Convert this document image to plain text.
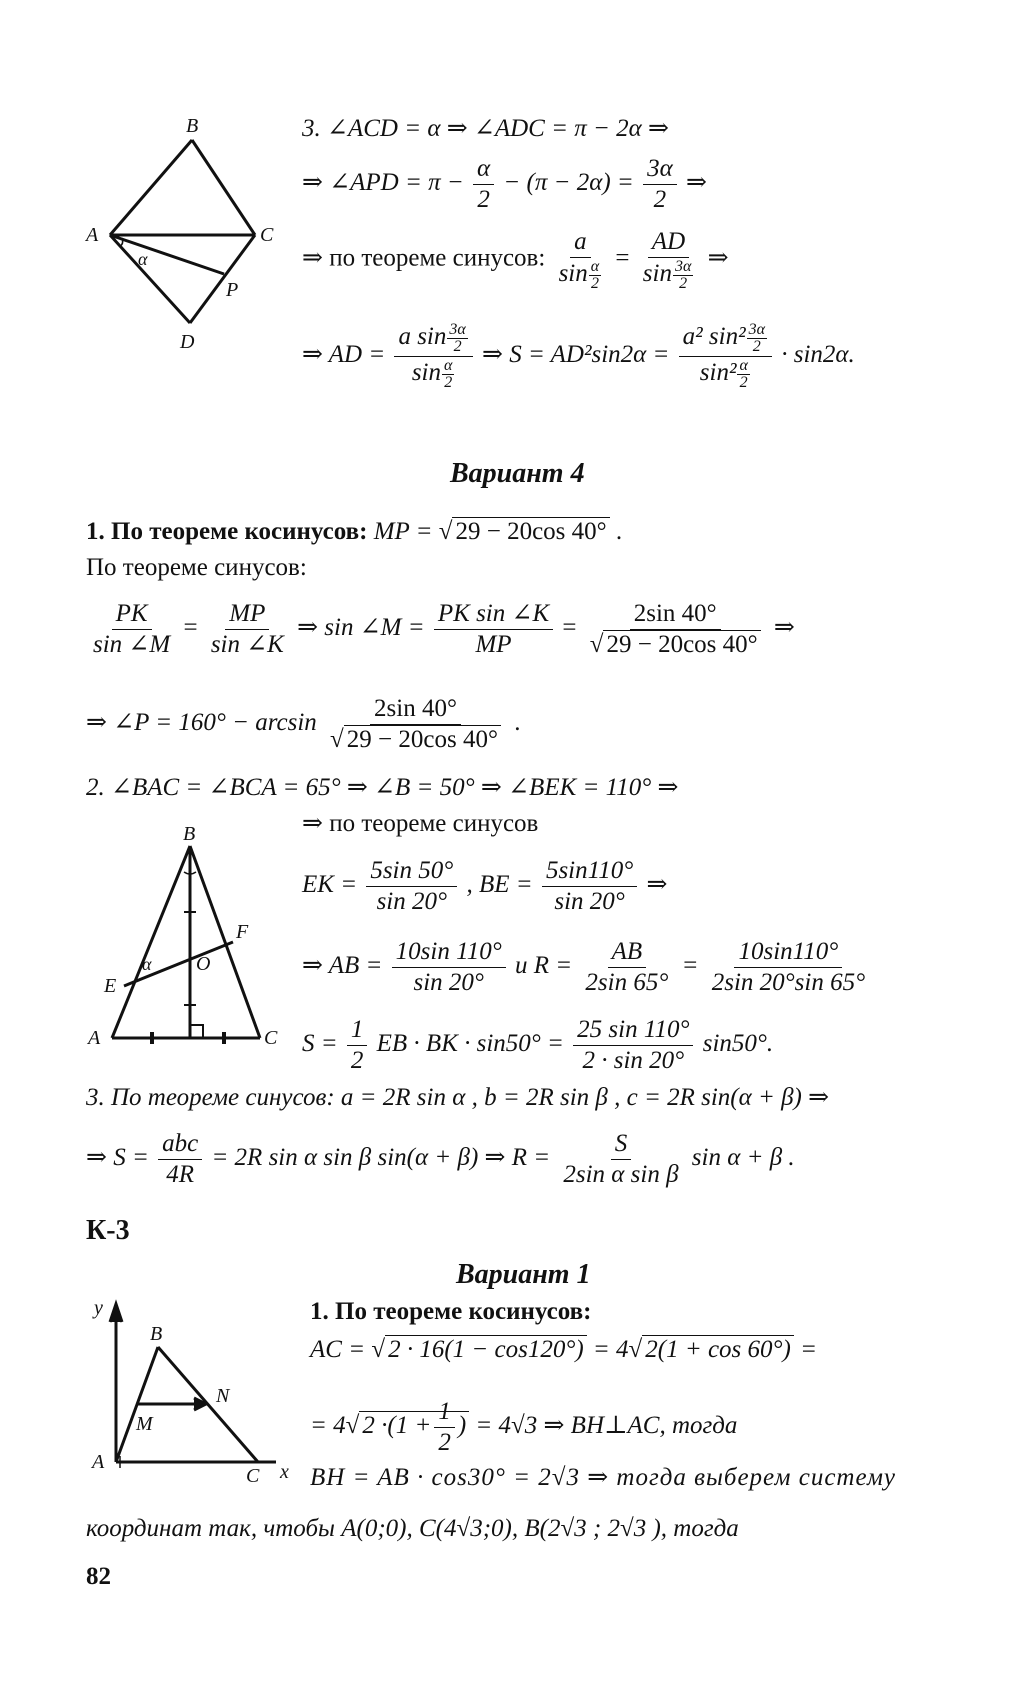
B
A	C
P
D
α
3. ∠ACD = α ⇒ ∠ADC = π − 2α ⇒
⇒ ∠APD = $\pi - \frac{\alpha}{2} - (\pi - 2\alpha) = \frac{3\alpha}{2}$ ⇒
⇒ по теореме синусов: $\frac{a}{\sin \frac{\alpha}{2}} = \frac{AD}{\sin \frac{3\alpha}{2}}$ ⇒
⇒ AD = $\frac{a \sin \frac{3\alpha}{2}}{\sin \frac{\alpha}{2}}$ ⇒ $S = AD^2\sin 2\alpha = \frac{a^2 \sin^2 \frac{3\alpha}{2}}{\sin^2 \frac{\alpha}{2}} \cdot \sin 2\alpha$.
Вариант 4
1. По теореме косинусов: MP = √ 29 − 20cos 40° .
По теореме синусов:
$\frac{PK}{\sin \angle M} = \frac{MP}{\sin \angle K}$ ⇒ sin ∠M = $\frac{\text{PK sin ∠K}}{MP} = \frac{2\sin 40^\circ}{√ 29 - 20\cos 40^\circ}$ ⇒
⇒ ∠P = $160^\circ - \arcsin \frac{2\sin 40^\circ}{√ 29 - 20\cos 40^\circ}$ .
2. ∠BAC = ∠BCA = 65° ⇒ ∠B = 50° ⇒ ∠BEK = 110° ⇒
⇒ по теореме синусов
B
F
O
E
A	C
α
EK = $\frac{5\sin 50^\circ}{\sin 20^\circ}$ , BE = $\frac{5\sin 110^\circ}{\sin 20^\circ}$ ⇒
⇒ AB = $\frac{10\sin 110^\circ}{\sin 20^\circ}$ и $R = \frac{AB}{2\sin 65^\circ} = \frac{10\sin 110^\circ}{2\sin 20^\circ\sin 65^\circ}$
$S = \frac{1}{2}$ EB · BK · $\sin 50^\circ = \frac{25 \sin 110^\circ}{2 \cdot \sin 20^\circ} \sin 50^\circ$.
3. По теореме синусов: a = 2R sin α , b = 2R sin β , c = 2R sin(α + β) ⇒
⇒ $S = \frac{\text{abc}}{4R} = 2R$ sin α sin β sin(α + β) ⇒ $R = \frac{S}{\text{2sin α sin β}}$ sin α + β .
К-3
Вариант 1
y
B
N
M
A
C x
1. По теореме косинусов:
AC = √ 2 · 16(1 − cos120°) = 4√ 2(1 + cos 60°) =
= 4√ $2 \cdot(1 + \frac{1}{2}$ ) = 4√3 ⇒ BH⊥AC, тогда
BH = AB · cos30° = 2√3 ⇒ тогда выберем систему
координат так, чтобы A(0;0), C(4√3;0), B(2√3 ; 2√3 ), тогда
82
